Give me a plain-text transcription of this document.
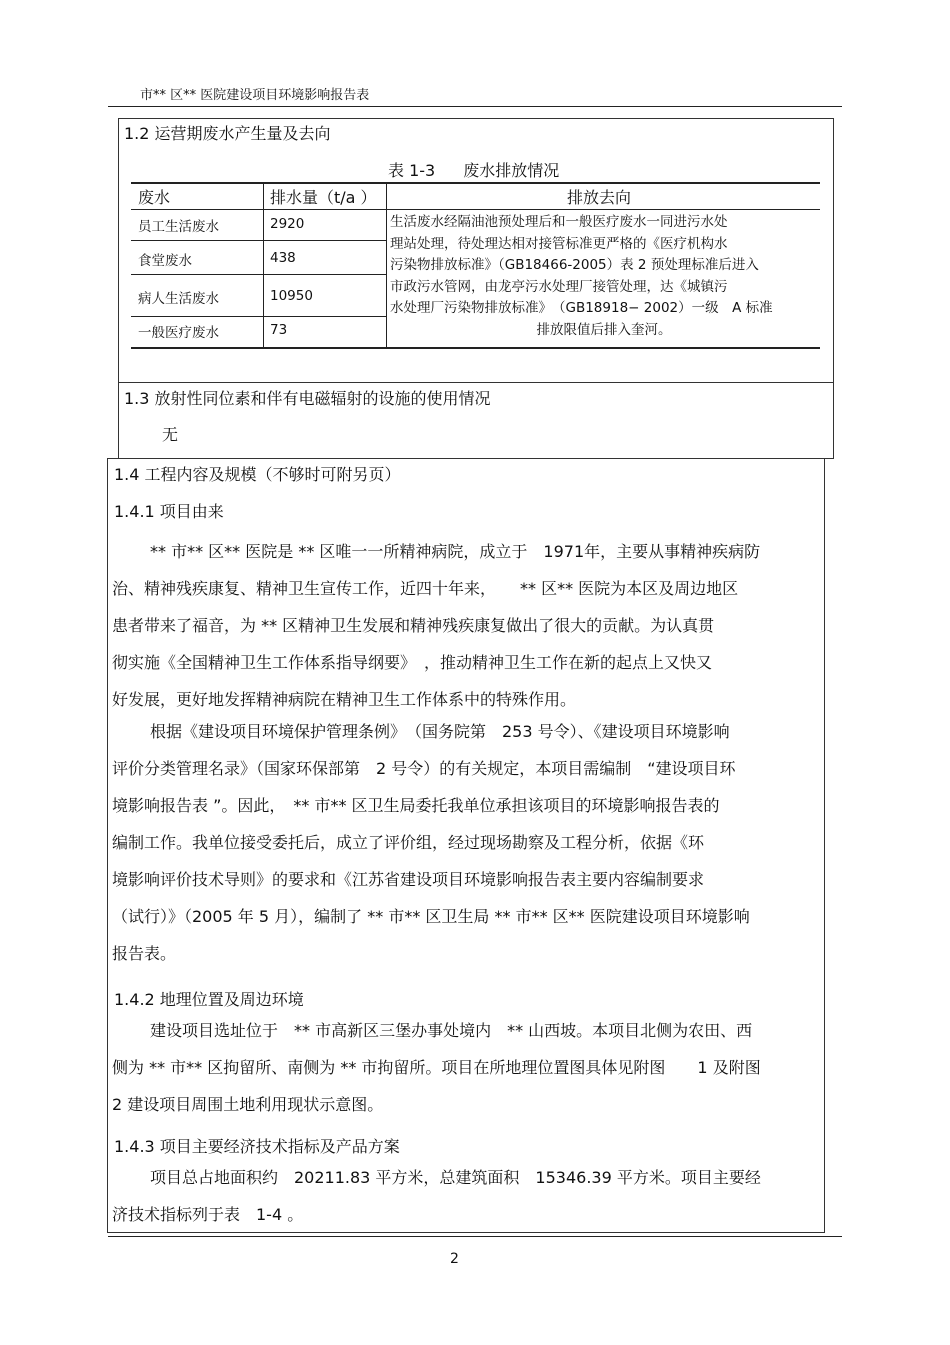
市** 区** 医院建设项目环境影响报告表
1.2 运营期废水产生量及去向
表 1-3 废水排放情况
废水	排水量（t/a ）	排放去向
员工生活废水	2920
食堂废水	438
病人生活废水	10950
一般医疗废水	73
生活废水经隔油池预处理后和一般医疗废水一同进污水处
理站处理，待处理达相对接管标准更严格的《医疗机构水
污染物排放标准》（GB18466-2005）表 2 预处理标准后进入
市政污水管网，由龙亭污水处理厂接管处理，达《城镇污
水处理厂污染物排放标准》　（GB18918− 2002）一级　A 标准
排放限值后排入奎河。
1.3 放射性同位素和伴有电磁辐射的设施的使用情况
无
1.4 工程内容及规模（不够时可附另页）
1.4.1 项目由来
** 市** 区** 医院是 ** 区唯一一所精神病院，成立于　1971年，主要从事精神疾病防
治、精神残疾康复、精神卫生宣传工作，近四十年来，　　** 区** 医院为本区及周边地区
患者带来了福音，为 ** 区精神卫生发展和精神残疾康复做出了很大的贡献。为认真贯
彻实施《全国精神卫生工作体系指导纲要》　，推动精神卫生工作在新的起点上又快又
好发展，更好地发挥精神病院在精神卫生工作体系中的特殊作用。
根据《建设项目环境保护管理条例》　（国务院第　253 号令）、《建设项目环境影响
评价分类管理名录》（国家环保部第　2 号令）的有关规定，本项目需编制　“建设项目环
境影响报告表 ”。因此，　** 市** 区卫生局委托我单位承担该项目的环境影响报告表的
编制工作。我单位接受委托后，成立了评价组，经过现场勘察及工程分析，依据《环
境影响评价技术导则》的要求和《江苏省建设项目环境影响报告表主要内容编制要求
（试行）》（2005 年 5 月），编制了 ** 市** 区卫生局 ** 市** 区** 医院建设项目环境影响
报告表。
1.4.2 地理位置及周边环境
建设项目选址位于　** 市高新区三堡办事处境内　** 山西坡。本项目北侧为农田、西
侧为 ** 市** 区拘留所、南侧为 ** 市拘留所。项目在所地理位置图具体见附图　　1 及附图
2 建设项目周围土地利用现状示意图。
1.4.3 项目主要经济技术指标及产品方案
项目总占地面积约　20211.83 平方米，总建筑面积　15346.39 平方米。项目主要经
济技术指标列于表　1-4 。
2
